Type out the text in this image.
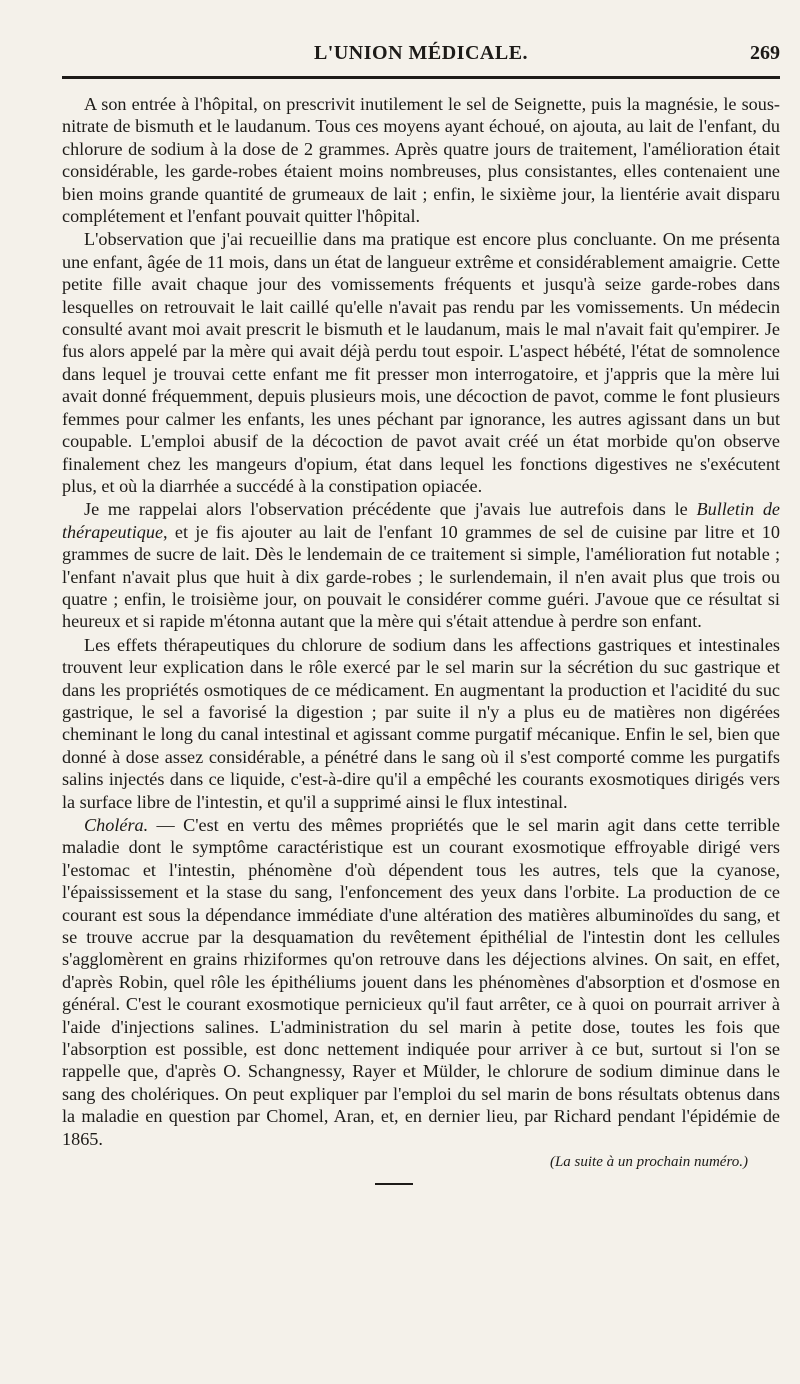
L'UNION MÉDICALE.	269

A son entrée à l'hôpital, on prescrivit inutilement le sel de Seignette, puis la magnésie, le sous-nitrate de bismuth et le laudanum. Tous ces moyens ayant échoué, on ajouta, au lait de l'enfant, du chlorure de sodium à la dose de 2 grammes. Après quatre jours de traitement, l'amélioration était considérable, les garde-robes étaient moins nombreuses, plus consistantes, elles contenaient une bien moins grande quantité de grumeaux de lait ; enfin, le sixième jour, la lientérie avait disparu complétement et l'enfant pouvait quitter l'hôpital.

L'observation que j'ai recueillie dans ma pratique est encore plus concluante. On me présenta une enfant, âgée de 11 mois, dans un état de langueur extrême et considérablement amaigrie. Cette petite fille avait chaque jour des vomissements fréquents et jusqu'à seize garde-robes dans lesquelles on retrouvait le lait caillé qu'elle n'avait pas rendu par les vomissements. Un médecin consulté avant moi avait prescrit le bismuth et le laudanum, mais le mal n'avait fait qu'empirer. Je fus alors appelé par la mère qui avait déjà perdu tout espoir. L'aspect hébété, l'état de somnolence dans lequel je trouvai cette enfant me fit presser mon interrogatoire, et j'appris que la mère lui avait donné fréquemment, depuis plusieurs mois, une décoction de pavot, comme le font plusieurs femmes pour calmer les enfants, les unes péchant par ignorance, les autres agissant dans un but coupable. L'emploi abusif de la décoction de pavot avait créé un état morbide qu'on observe finalement chez les mangeurs d'opium, état dans lequel les fonctions digestives ne s'exécutent plus, et où la diarrhée a succédé à la constipation opiacée.

Je me rappelai alors l'observation précédente que j'avais lue autrefois dans le Bulletin de thérapeutique, et je fis ajouter au lait de l'enfant 10 grammes de sel de cuisine par litre et 10 grammes de sucre de lait. Dès le lendemain de ce traitement si simple, l'amélioration fut notable ; l'enfant n'avait plus que huit à dix garde-robes ; le surlendemain, il n'en avait plus que trois ou quatre ; enfin, le troisième jour, on pouvait le considérer comme guéri. J'avoue que ce résultat si heureux et si rapide m'étonna autant que la mère qui s'était attendue à perdre son enfant.

Les effets thérapeutiques du chlorure de sodium dans les affections gastriques et intestinales trouvent leur explication dans le rôle exercé par le sel marin sur la sécrétion du suc gastrique et dans les propriétés osmotiques de ce médicament. En augmentant la production et l'acidité du suc gastrique, le sel a favorisé la digestion ; par suite il n'y a plus eu de matières non digérées cheminant le long du canal intestinal et agissant comme purgatif mécanique. Enfin le sel, bien que donné à dose assez considérable, a pénétré dans le sang où il s'est comporté comme les purgatifs salins injectés dans ce liquide, c'est-à-dire qu'il a empêché les courants exosmotiques dirigés vers la surface libre de l'intestin, et qu'il a supprimé ainsi le flux intestinal.

Choléra. — C'est en vertu des mêmes propriétés que le sel marin agit dans cette terrible maladie dont le symptôme caractéristique est un courant exosmotique effroyable dirigé vers l'estomac et l'intestin, phénomène d'où dépendent tous les autres, tels que la cyanose, l'épaississement et la stase du sang, l'enfoncement des yeux dans l'orbite. La production de ce courant est sous la dépendance immédiate d'une altération des matières albuminoïdes du sang, et se trouve accrue par la desquamation du revêtement épithélial de l'intestin dont les cellules s'agglomèrent en grains rhiziformes qu'on retrouve dans les déjections alvines. On sait, en effet, d'après Robin, quel rôle les épithéliums jouent dans les phénomènes d'absorption et d'osmose en général. C'est le courant exosmotique pernicieux qu'il faut arrêter, ce à quoi on pourrait arriver à l'aide d'injections salines. L'administration du sel marin à petite dose, toutes les fois que l'absorption est possible, est donc nettement indiquée pour arriver à ce but, surtout si l'on se rappelle que, d'après O. Schangnessy, Rayer et Mülder, le chlorure de sodium diminue dans le sang des cholériques. On peut expliquer par l'emploi du sel marin de bons résultats obtenus dans la maladie en question par Chomel, Aran, et, en dernier lieu, par Richard pendant l'épidémie de 1865.

(La suite à un prochain numéro.)
